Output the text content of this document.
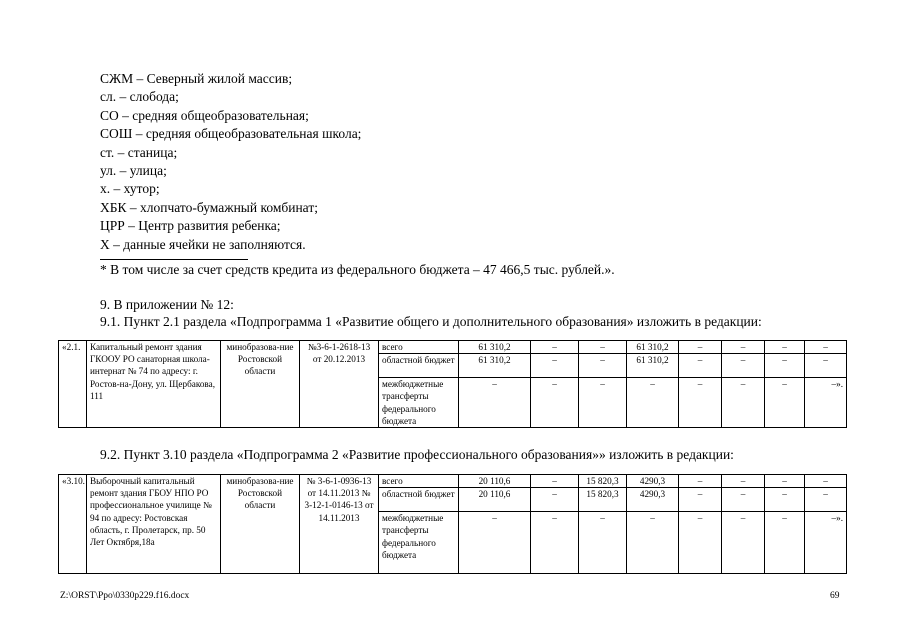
СЖМ – Северный жилой массив;
сл. – слобода;
СО – средняя общеобразовательная;
СОШ – средняя общеобразовательная школа;
ст. – станица;
ул. – улица;
х. – хутор;
ХБК – хлопчато-бумажный комбинат;
ЦРР – Центр развития ребенка;
Х – данные ячейки не заполняются.
* В том числе за счет средств кредита из федерального бюджета – 47 466,5 тыс. рублей.».
9. В приложении № 12:
9.1. Пункт 2.1 раздела «Подпрограмма 1 «Развитие общего и дополнительного образования» изложить в редакции:
«2.1.	Капитальный ремонт здания ГКООУ РО санаторная школа-интернат № 74 по адресу: г. Ростов-на-Дону, ул. Щербакова, 111	минобразова-ние Ростовской области	№3-6-1-2618-13 от 20.12.2013	всего	61 310,2	–	–	61 310,2	–	–	–	–
				областной бюджет	61 310,2	–	–	61 310,2	–	–	–	–
				межбюджетные трансферты федерального бюджета	–	–	–	–	–	–	–	–».
9.2. Пункт 3.10 раздела «Подпрограмма 2 «Развитие профессионального образования»» изложить в редакции:
«3.10.	Выборочный капитальный ремонт здания ГБОУ НПО РО профессиональное училище № 94 по адресу: Ростовская область, г. Пролетарск, пр. 50 Лет Октября,18а	минобразова-ние Ростовской области	№ 3-6-1-0936-13 от 14.11.2013 № 3-12-1-0146-13 от 14.11.2013	всего	20 110,6	–	15 820,3	4290,3	–	–	–	–
				областной бюджет	20 110,6	–	15 820,3	4290,3	–	–	–	–
				межбюджетные трансферты федерального бюджета	–	–	–	–	–	–	–	–».
Z:\ORST\Ppo\0330p229.f16.docx	69
